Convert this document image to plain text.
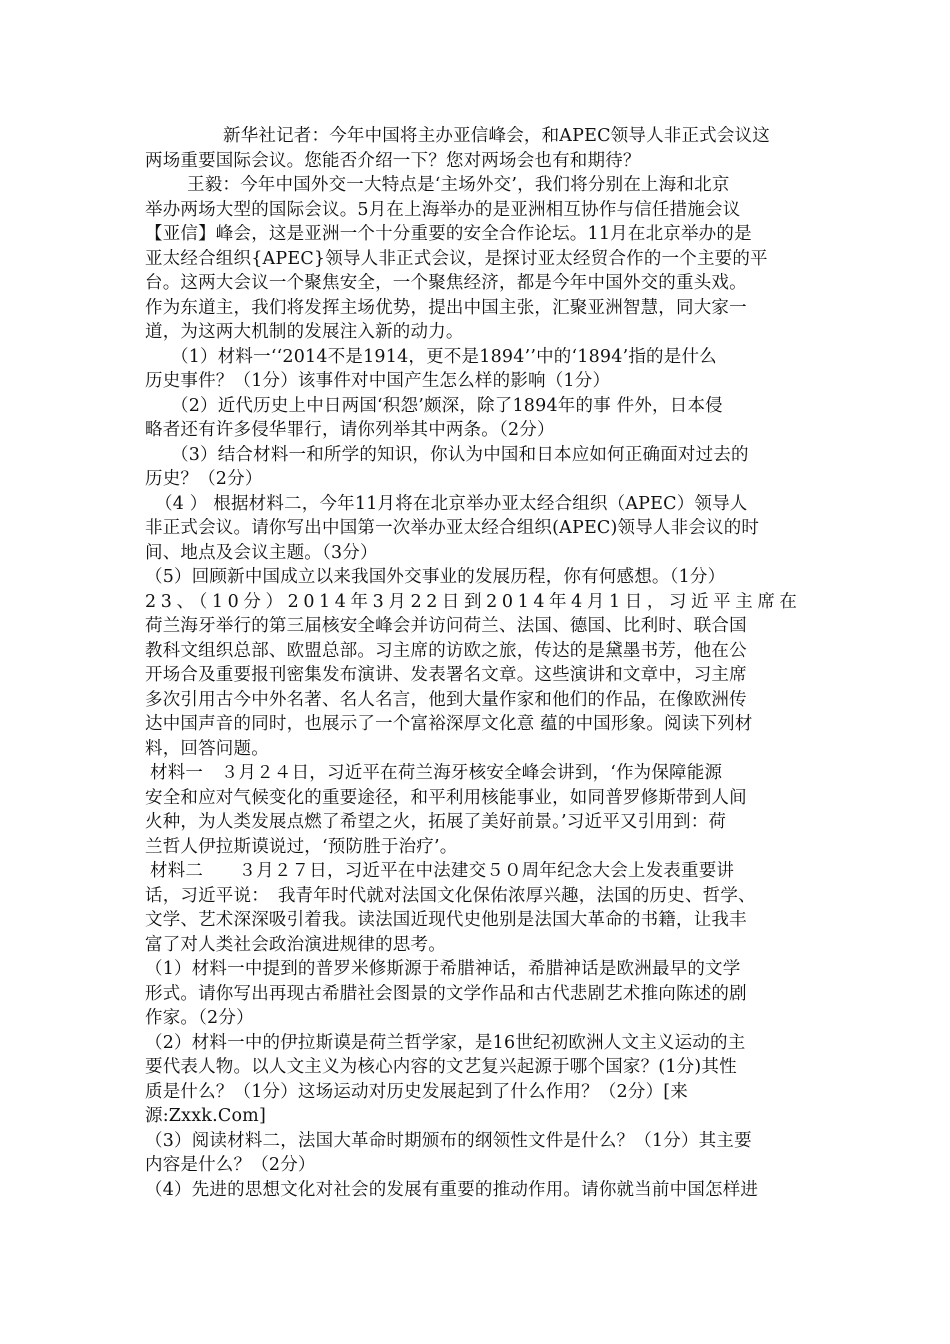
新华社记者：今年中国将主办亚信峰会，和APEC领导人非正式会议这
两场重要国际会议。您能否介绍一下？您对两场会也有和期待？
王毅：今年中国外交一大特点是‘主场外交’，我们将分别在上海和北京
举办两场大型的国际会议。5月在上海举办的是亚洲相互协作与信任措施会议
【亚信】峰会，这是亚洲一个十分重要的安全合作论坛。11月在北京举办的是
亚太经合组织{APEC}领导人非正式会议，是探讨亚太经贸合作的一个主要的平
台。这两大会议一个聚焦安全，一个聚焦经济，都是今年中国外交的重头戏。
作为东道主，我们将发挥主场优势，提出中国主张，汇聚亚洲智慧，同大家一
道，为这两大机制的发展注入新的动力。
（1）材料一‘‘2014不是1914，更不是1894’’中的‘1894’指的是什么
历史事件？（1分）该事件对中国产生怎么样的影响（1分）
（2）近代历史上中日两国‘积怨’颇深，除了1894年的事 件外，日本侵
略者还有许多侵华罪行，请你列举其中两条。（2分）
（3）结合材料一和所学的知识，你认为中国和日本应如何正确面对过去的
历史？（2分）
（4 ） 根据材料二，今年11月将在北京举办亚太经合组织（APEC）领导人
非正式会议。请你写出中国第一次举办亚太经合组织(APEC)领导人非会议的时
间、地点及会议主题。（3分）
（5）回顾新中国成立以来我国外交事业的发展历程，你有何感想。（1分）
23、（10分）2014年3月22日到2014年4月1日，习近平主席在
荷兰海牙举行的第三届核安全峰会并访问荷兰、法国、德国、比利时、联合国
教科文组织总部、欧盟总部。习主席的访欧之旅，传达的是黛墨书芳，他在公
开场合及重要报刊密集发布演讲、发表署名文章。这些演讲和文章中，习主席
多次引用古今中外名著、名人名言，他到大量作家和他们的作品，在像欧洲传
达中国声音的同时，也展示了一个富裕深厚文化意 蕴的中国形象。阅读下列材
料，回答问题。
材料一　３月２４日，习近平在荷兰海牙核安全峰会讲到，‘作为保障能源
安全和应对气候变化的重要途径，和平利用核能事业，如同普罗修斯带到人间
火种，为人类发展点燃了希望之火，拓展了美好前景。’习近平又引用到：荷
兰哲人伊拉斯谟说过，‘预防胜于治疗’。
材料二　　３月２７日，习近平在中法建交５０周年纪念大会上发表重要讲
话，习近平说：　我青年时代就对法国文化保佑浓厚兴趣，法国的历史、哲学、
文学、艺术深深吸引着我。读法国近现代史他别是法国大革命的书籍，让我丰
富了对人类社会政治演进规律的思考。
（1）材料一中提到的普罗米修斯源于希腊神话，希腊神话是欧洲最早的文学
形式。请你写出再现古希腊社会图景的文学作品和古代悲剧艺术推向陈述的剧
作家。（2分）
（2）材料一中的伊拉斯谟是荷兰哲学家，是16世纪初欧洲人文主义运动的主
要代表人物。以人文主义为核心内容的文艺复兴起源于哪个国家？(1分)其性
质是什么？（1分）这场运动对历史发展起到了什么作用？（2分）[来
源:Zxxk.Com]
（3）阅读材料二，法国大革命时期颁布的纲领性文件是什么？（1分）其主要
内容是什么？（2分）
（4）先进的思想文化对社会的发展有重要的推动作用。请你就当前中国怎样进
